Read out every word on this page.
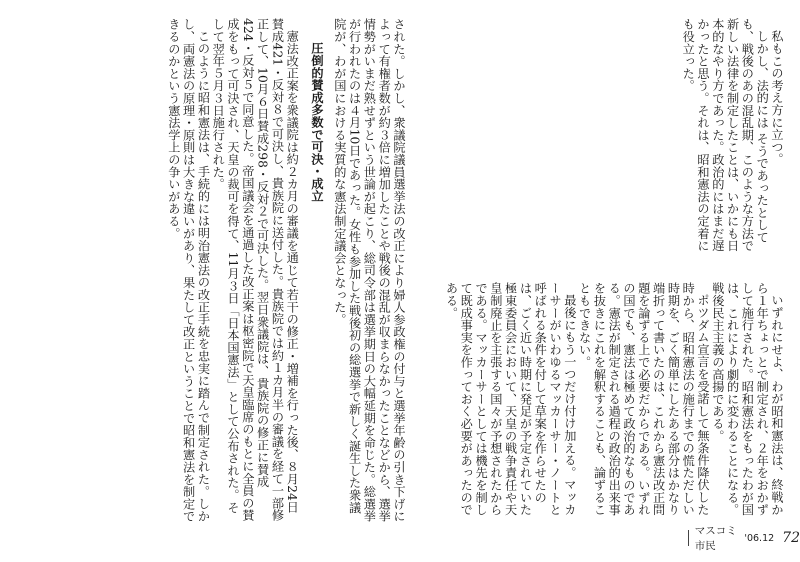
私もこの考え方に立つ。

しかし、法的には そうであったとしても、戦後のあの混乱期、このような方法で新しい法律を制定したことは、いかにも日本的なやり方であった。政治的にはまだ遅かったと思う。それは、昭和憲法の定着にも役立った。

いずれにせよ、わが昭和憲法は、終戦から１年ちょっとで制定され、２年をおかずして施行された。昭和憲法をもったわが国は、これにより劇的に変わることになる。戦後民主主義の高揚である。

ポツダム宣言を受諾して無条件降伏した時から、昭和憲法の施行までの慌ただしい時期を、ごく簡単にしたある部分はかなり端折って書いたのは、これから憲法改正問題を論ずる上で必要だからである。いずれの国でも、憲法は極めて政治的なものである。憲法が制定される過程の政治的出来事を抜きにこれを解釈することも、論ずることもできない。

最後にもう一つだけ付け加える。マッカーサーがいわゆるマッカーサー・ノートと呼ばれる条件を付して草案を作らせたのは、ごく近い時期に発足が予定されていた極東委員会において、天皇の戦争責任や天皇制廃止を主張する国々が予想されたからである。マッカーサーとしては機先を制して既成事実を作っておく必要があったのである。

された。しかし、衆議院議員選挙法の改正により婦人参政権の付与と選挙年齢の引き下げによって有権者数が約３倍に増加したことや戦後の混乱が収まらなかったことなどから、選挙情勢がいまだ熟せずという世論が起こり、総司令部は選挙期日の大幅延期を命じた。総選挙が行われたのは４月10日であった。女性も参加した戦後初の総選挙で新しく誕生した衆議院が、わが国における実質的な憲法制定議会となった。

圧倒的賛成多数で可決・成立

憲法改正案を衆議院は約２カ月の審議を通じて若干の修正・増補を行った後、８月24日賛成421・反対８で可決し、貴族院に送付した。貴族院では約１カ月半の審議を経て一部修正して、10月６日賛成298・反対２で可決した。翌日衆議院は、貴族院の修正に賛成424・反対５で同意した。帝国議会を通過した改正案は枢密院で天皇臨席のもとに全員の賛成をもって可決され、天皇の裁可を得て、11月３日「日本国憲法」として公布された。そして翌年５月３日施行された。

このように昭和憲法は、手続的には明治憲法の改正手続を忠実に踏んで制定された。しかし、両憲法の原理・原則は大きな違いがあり、果たして改正ということで昭和憲法を制定できるのかという憲法学上の争いがある。

マスコミ市民
'06.12 72
